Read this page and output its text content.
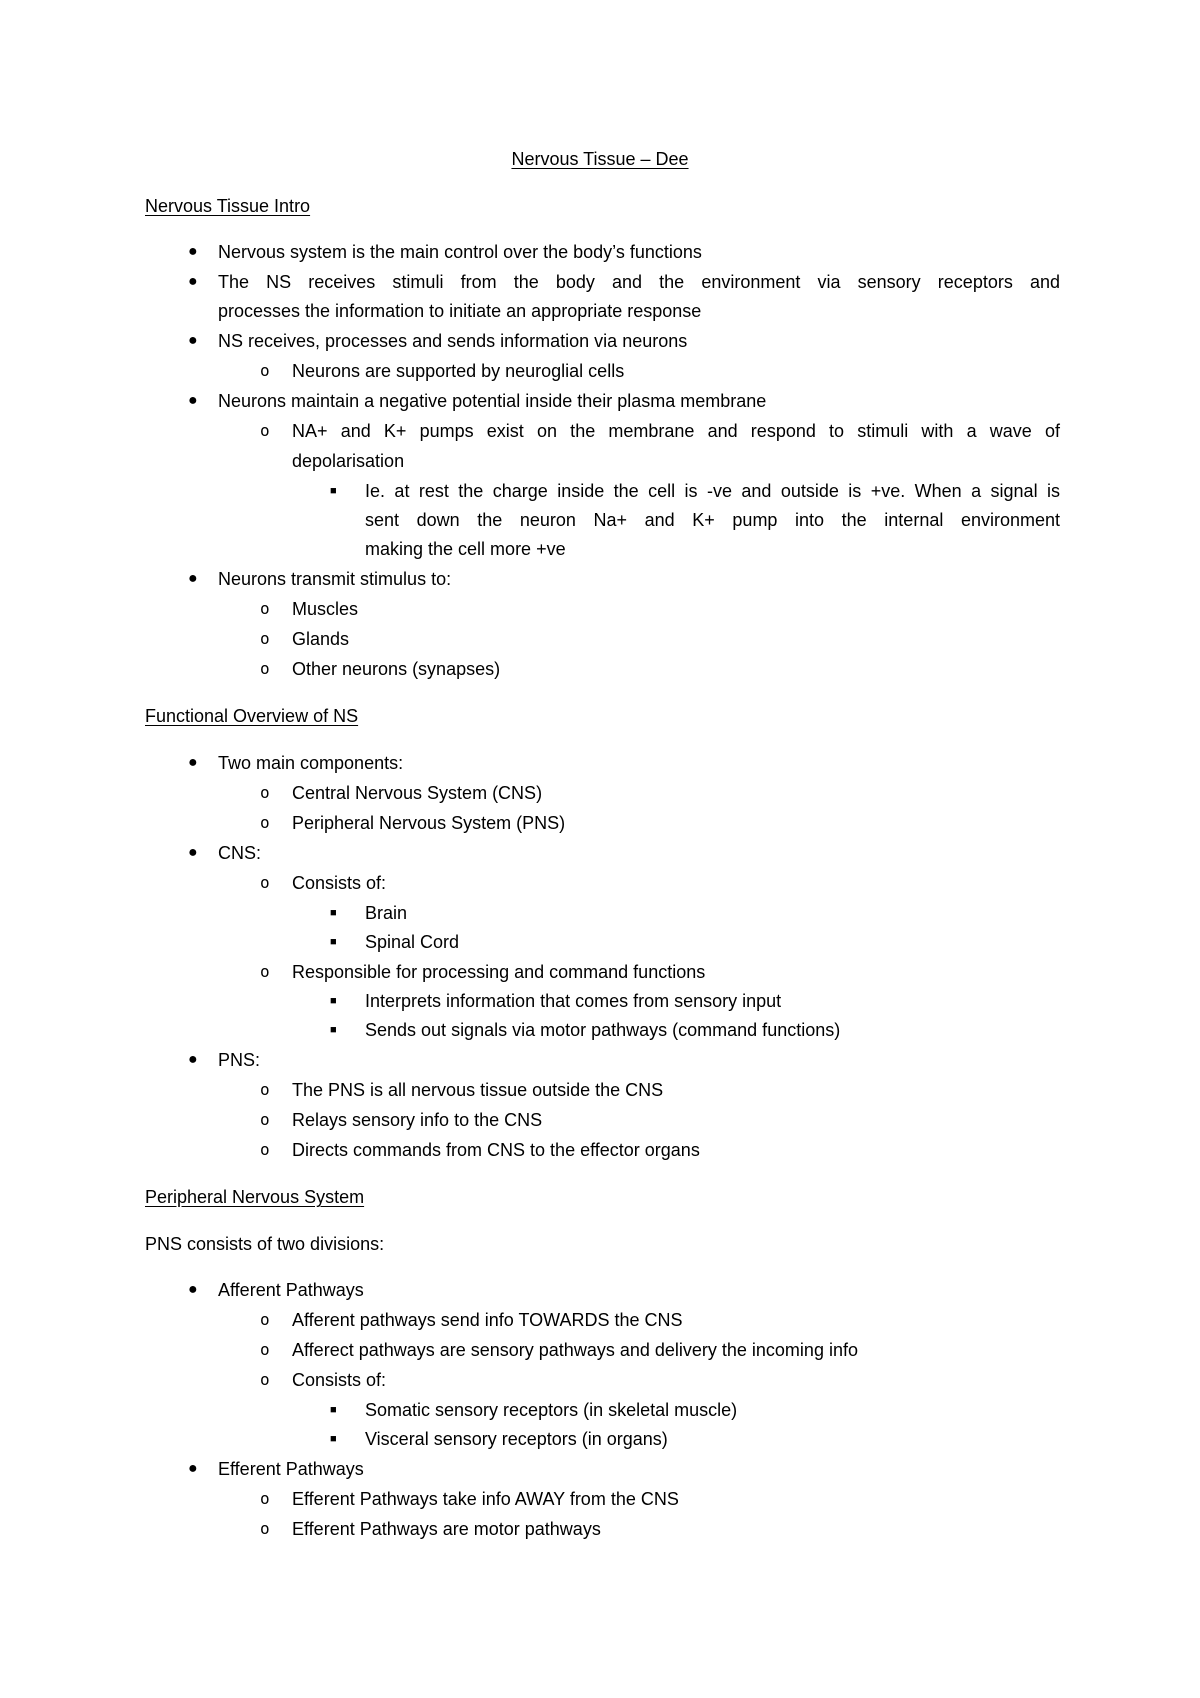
Nervous Tissue – Dee
Nervous Tissue Intro
● Nervous system is the main control over the body’s functions
● The NS receives stimuli from the body and the environment via sensory receptors and
processes the information to initiate an appropriate response
● NS receives, processes and sends information via neurons
o Neurons are supported by neuroglial cells
● Neurons maintain a negative potential inside their plasma membrane
o NA+ and K+ pumps exist on the membrane and respond to stimuli with a wave of
depolarisation
■ Ie. at rest the charge inside the cell is -ve and outside is +ve. When a signal is
sent down the neuron Na+ and K+ pump into the internal environment
making the cell more +ve
● Neurons transmit stimulus to:
o Muscles
o Glands
o Other neurons (synapses)
Functional Overview of NS
● Two main components:
o Central Nervous System (CNS)
o Peripheral Nervous System (PNS)
● CNS:
o Consists of:
■ Brain
■ Spinal Cord
o Responsible for processing and command functions
■ Interprets information that comes from sensory input
■ Sends out signals via motor pathways (command functions)
● PNS:
o The PNS is all nervous tissue outside the CNS
o Relays sensory info to the CNS
o Directs commands from CNS to the effector organs
Peripheral Nervous System
PNS consists of two divisions:
● Afferent Pathways
o Afferent pathways send info TOWARDS the CNS
o Afferect pathways are sensory pathways and delivery the incoming info
o Consists of:
■ Somatic sensory receptors (in skeletal muscle)
■ Visceral sensory receptors (in organs)
● Efferent Pathways
o Efferent Pathways take info AWAY from the CNS
o Efferent Pathways are motor pathways
